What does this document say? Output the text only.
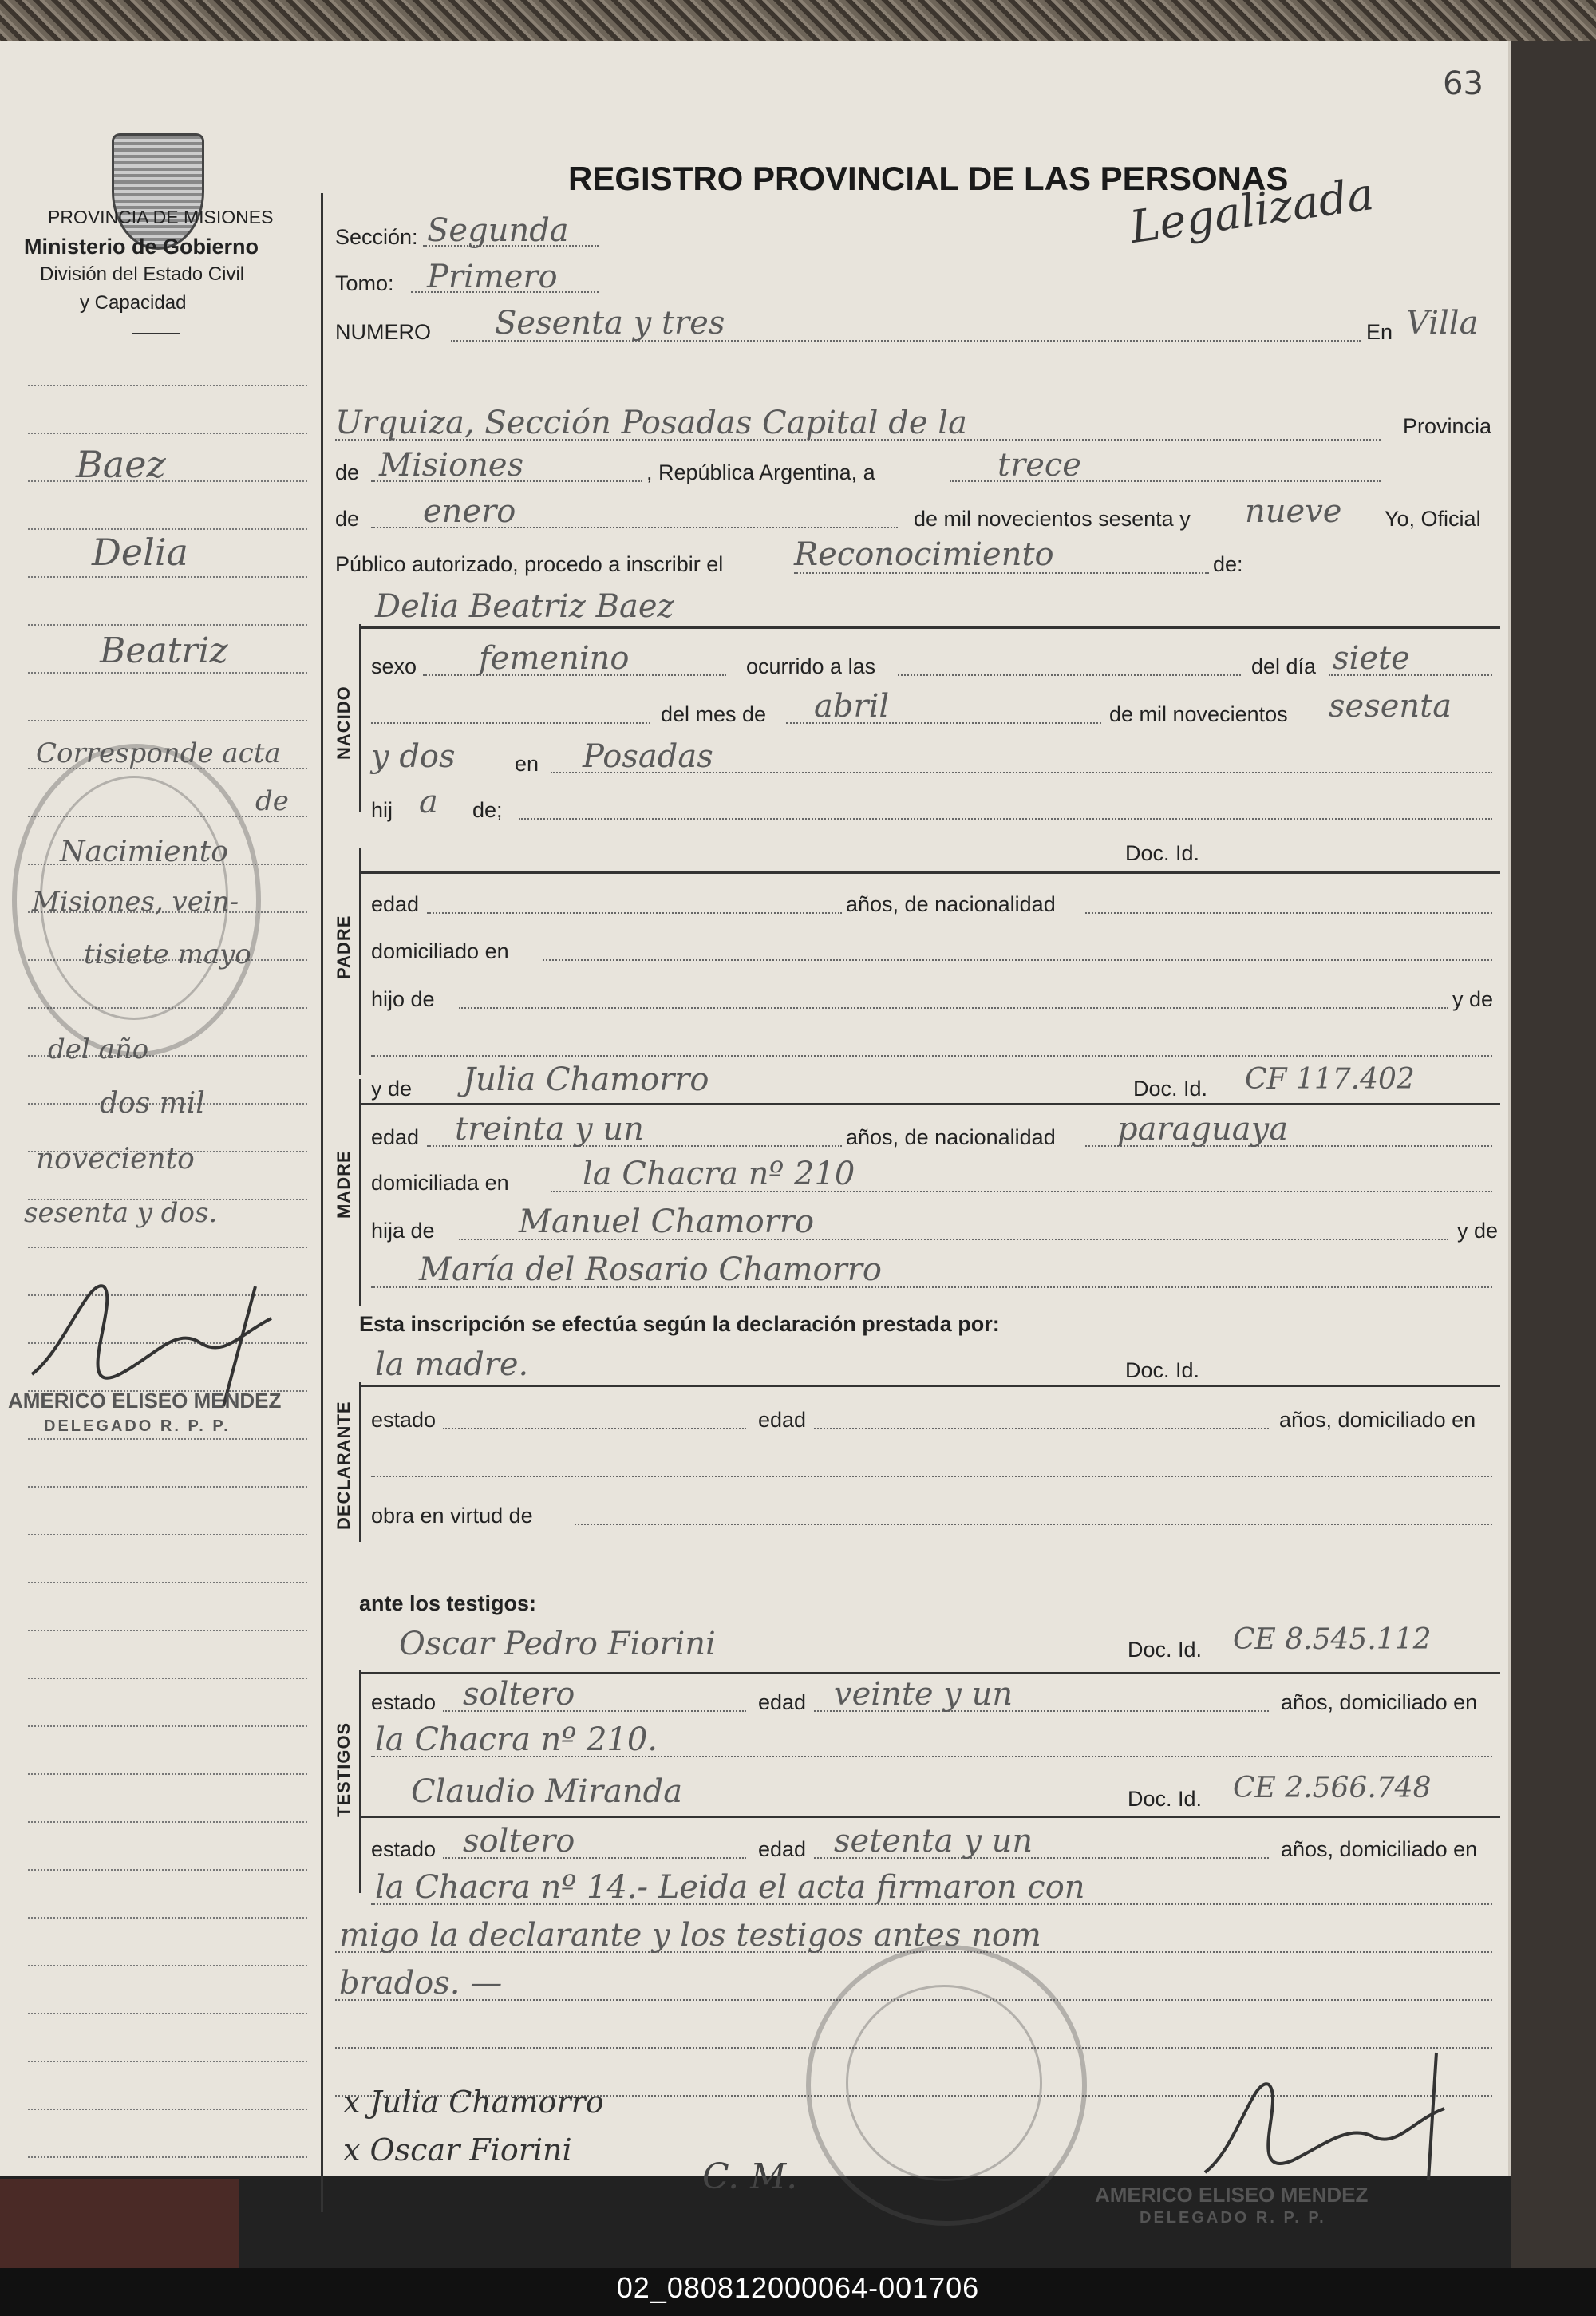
02_080812000064-001706
63
PROVINCIA DE MISIONES
Ministerio de Gobierno
División del Estado Civil
y Capacidad
Baez
Delia
Beatriz
Corresponde acta
de
Nacimiento
Misiones, vein-
tisiete mayo
del año
dos mil
noveciento
sesenta y dos.
AMERICO ELISEO MENDEZ
DELEGADO R. P. P.
REGISTRO PROVINCIAL DE LAS PERSONAS
Legalizada
Sección: Segunda
Tomo: Primero
NUMERO Sesenta y tres	En Villa
Urquiza, Sección Posadas Capital de la	Provincia
de Misiones	, República Argentina, a	trece
de enero	de mil novecientos sesenta y nueve Yo, Oficial
Público autorizado, procedo a inscribir el Reconocimiento	de:
NACIDO
Delia Beatriz Baez
sexo femenino	ocurrido a las	del día siete
del mes de abril	de mil novecientos sesenta
y dos	en Posadas
hij a de;
PADRE
Doc. Id.
edad	años, de nacionalidad
domiciliado en
hijo de	y de
MADRE
y de Julia Chamorro	Doc. Id. CF 117.402
edad treinta y un	años, de nacionalidad paraguaya
domiciliada en la Chacra nº 210
hija de	Manuel Chamorro	y de
María del Rosario Chamorro
Esta inscripción se efectúa según la declaración prestada por:
DECLARANTE
la madre.	Doc. Id.
estado	edad	años, domiciliado en
obra en virtud de
ante los testigos:
TESTIGOS
Oscar Pedro Fiorini	Doc. Id. CE 8.545.112
estado soltero	edad veinte y un	años, domiciliado en
la Chacra nº 210.
Claudio Miranda	Doc. Id. CE 2.566.748
estado soltero	edad setenta y un	años, domiciliado en
la Chacra nº 14.- Leida el acta firmaron con
migo la declarante y los testigos antes nom
brados. —
x Julia Chamorro
x Oscar Fiorini
C. M.	AMERICO ELISEO MENDEZ
DELEGADO R. P. P.
